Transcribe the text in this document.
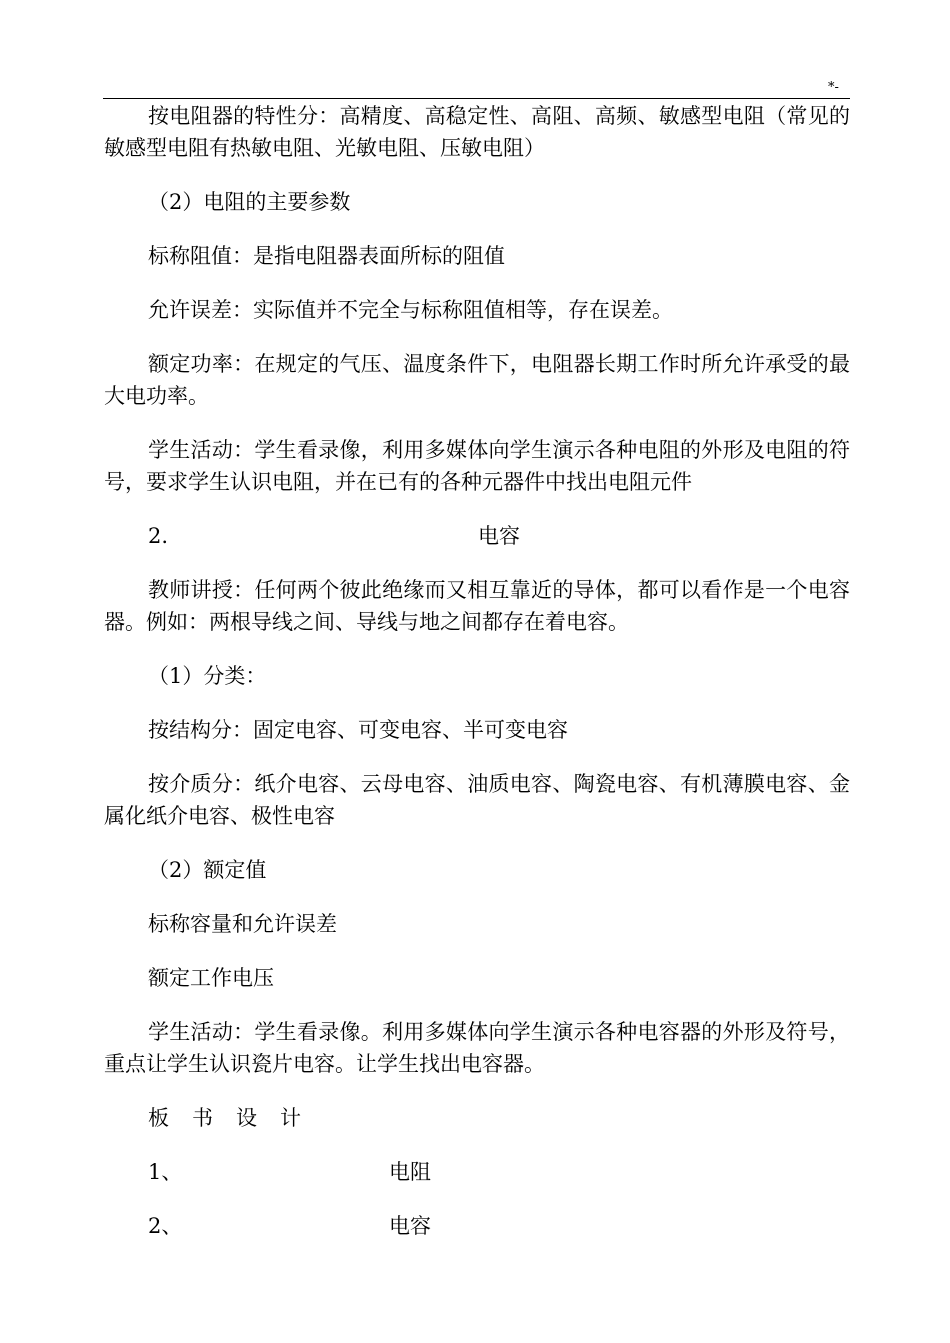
*-

按电阻器的特性分：高精度、高稳定性、高阻、高频、敏感型电阻（常见的敏感型电阻有热敏电阻、光敏电阻、压敏电阻）

（2）电阻的主要参数

标称阻值：是指电阻器表面所标的阻值

允许误差：实际值并不完全与标称阻值相等，存在误差。

额定功率：在规定的气压、温度条件下，电阻器长期工作时所允许承受的最大电功率。

学生活动：学生看录像，利用多媒体向学生演示各种电阻的外形及电阻的符号，要求学生认识电阻，并在已有的各种元器件中找出电阻元件

2.	电容

教师讲授：任何两个彼此绝缘而又相互靠近的导体，都可以看作是一个电容器。例如：两根导线之间、导线与地之间都存在着电容。

（1）分类：

按结构分：固定电容、可变电容、半可变电容

按介质分：纸介电容、云母电容、油质电容、陶瓷电容、有机薄膜电容、金属化纸介电容、极性电容

（2）额定值

标称容量和允许误差

额定工作电压

学生活动：学生看录像。利用多媒体向学生演示各种电容器的外形及符号，重点让学生认识瓷片电容。让学生找出电容器。

板书设计

1、	电阻
2、	电容
